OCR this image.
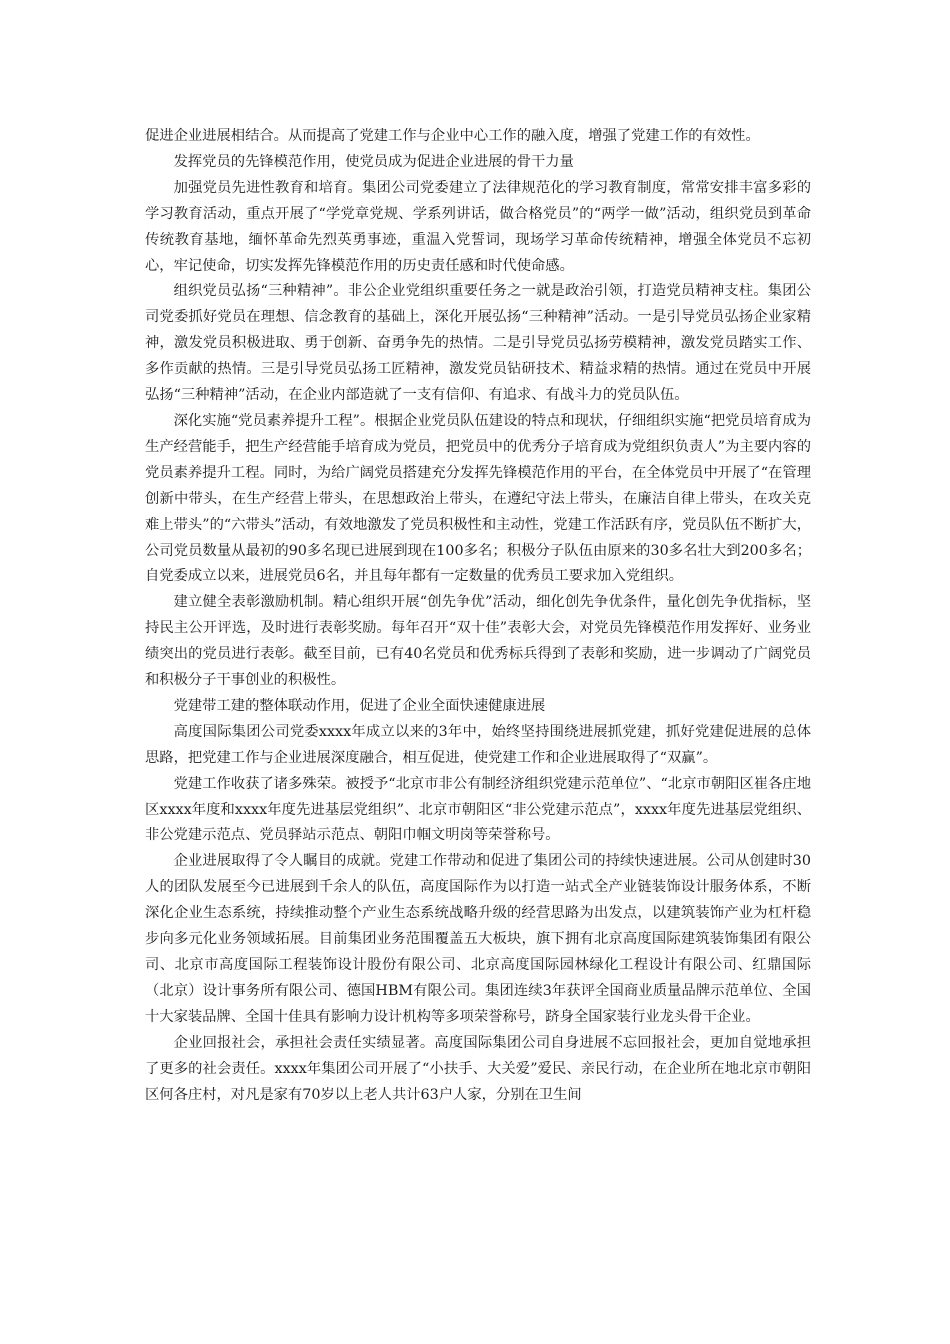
促进企业进展相结合。从而提高了党建工作与企业中心工作的融入度，增强了党建工作的有效性。

发挥党员的先锋模范作用，使党员成为促进企业进展的骨干力量

加强党员先进性教育和培育。集团公司党委建立了法律规范化的学习教育制度，常常安排丰富多彩的学习教育活动，重点开展了“学党章党规、学系列讲话，做合格党员”的“两学一做”活动，组织党员到革命传统教育基地，缅怀革命先烈英勇事迹，重温入党誓词，现场学习革命传统精神，增强全体党员不忘初心，牢记使命，切实发挥先锋模范作用的历史责任感和时代使命感。

组织党员弘扬“三种精神”。非公企业党组织重要任务之一就是政治引领，打造党员精神支柱。集团公司党委抓好党员在理想、信念教育的基础上，深化开展弘扬“三种精神”活动。一是引导党员弘扬企业家精神，激发党员积极进取、勇于创新、奋勇争先的热情。二是引导党员弘扬劳模精神，激发党员踏实工作、多作贡献的热情。三是引导党员弘扬工匠精神，激发党员钻研技术、精益求精的热情。通过在党员中开展弘扬“三种精神”活动，在企业内部造就了一支有信仰、有追求、有战斗力的党员队伍。

深化实施“党员素养提升工程”。根据企业党员队伍建设的特点和现状，仔细组织实施“把党员培育成为生产经营能手，把生产经营能手培育成为党员，把党员中的优秀分子培育成为党组织负责人”为主要内容的党员素养提升工程。同时，为给广阔党员搭建充分发挥先锋模范作用的平台，在全体党员中开展了“在管理创新中带头，在生产经营上带头，在思想政治上带头，在遵纪守法上带头，在廉洁自律上带头，在攻关克难上带头”的“六带头”活动，有效地激发了党员积极性和主动性，党建工作活跃有序，党员队伍不断扩大，公司党员数量从最初的90多名现已进展到现在100多名；积极分子队伍由原来的30多名壮大到200多名；自党委成立以来，进展党员6名，并且每年都有一定数量的优秀员工要求加入党组织。

建立健全表彰激励机制。精心组织开展“创先争优”活动，细化创先争优条件，量化创先争优指标，坚持民主公开评选，及时进行表彰奖励。每年召开“双十佳”表彰大会，对党员先锋模范作用发挥好、业务业绩突出的党员进行表彰。截至目前，已有40名党员和优秀标兵得到了表彰和奖励，进一步调动了广阔党员和积极分子干事创业的积极性。

党建带工建的整体联动作用，促进了企业全面快速健康进展

高度国际集团公司党委xxxx年成立以来的3年中，始终坚持围绕进展抓党建，抓好党建促进展的总体思路，把党建工作与企业进展深度融合，相互促进，使党建工作和企业进展取得了“双赢”。

党建工作收获了诸多殊荣。被授予“北京市非公有制经济组织党建示范单位”、“北京市朝阳区崔各庄地区xxxx年度和xxxx年度先进基层党组织”、北京市朝阳区“非公党建示范点”，xxxx年度先进基层党组织、非公党建示范点、党员驿站示范点、朝阳巾帼文明岗等荣誉称号。

企业进展取得了令人瞩目的成就。党建工作带动和促进了集团公司的持续快速进展。公司从创建时30人的团队发展至今已进展到千余人的队伍，高度国际作为以打造一站式全产业链装饰设计服务体系，不断深化企业生态系统，持续推动整个产业生态系统战略升级的经营思路为出发点，以建筑装饰产业为杠杆稳步向多元化业务领域拓展。目前集团业务范围覆盖五大板块，旗下拥有北京高度国际建筑装饰集团有限公司、北京市高度国际工程装饰设计股份有限公司、北京高度国际园林绿化工程设计有限公司、红鼎国际（北京）设计事务所有限公司、德国HBM有限公司。集团连续3年获评全国商业质量品牌示范单位、全国十大家装品牌、全国十佳具有影响力设计机构等多项荣誉称号，跻身全国家装行业龙头骨干企业。

企业回报社会，承担社会责任实绩显著。高度国际集团公司自身进展不忘回报社会，更加自觉地承担了更多的社会责任。xxxx年集团公司开展了“小扶手、大关爱”爱民、亲民行动，在企业所在地北京市朝阳区何各庄村，对凡是家有70岁以上老人共计63户人家，分别在卫生间
